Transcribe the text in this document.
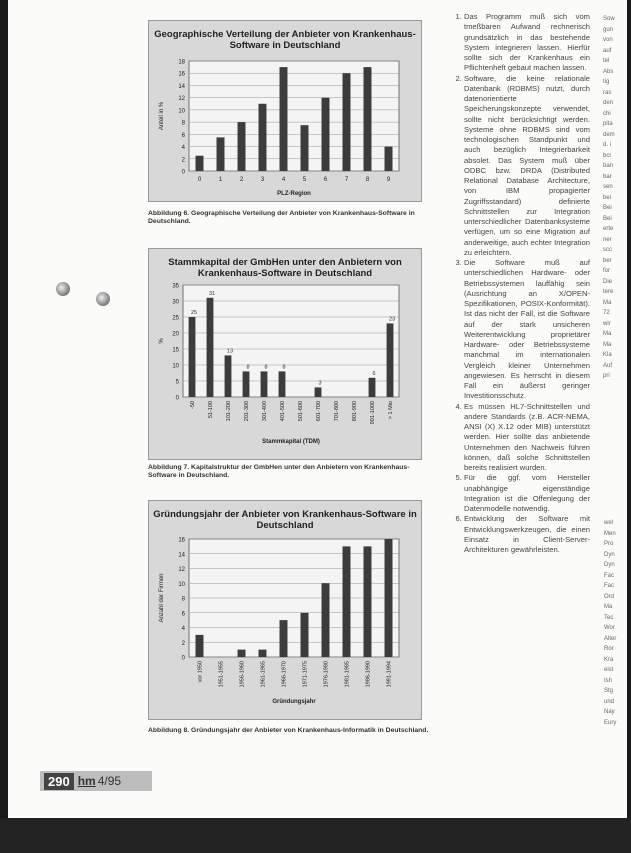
Geographische Verteilung der Anbieter von Krankenhaus-Software in Deutschland
0
2
4
6
8
10
12
14
16
18
0	1	2	3	4	5	6	7	8	9
PLZ-Region
Anteil in %
Abbildung 6. Geographische Verteilung der Anbieter von Krankenhaus-Software in Deutschland.
Stammkapital der GmbHen unter den Anbietern von Krankenhaus-Software in Deutschland
0
5
10
15
20
25
30
35
25
-50
31
51-100
13
101-200
8
201-300
8
301-400
8
401-500 501-600
3
601-700 701-800 801-900
6
901-1000
23
> 1 Mio
Stammkapital (TDM)
%
Abbildung 7. Kapitalstruktur der GmbHen unter den Anbietern von Krankenhaus-Software in Deutschland.
Gründungsjahr der Anbieter von Krankenhaus-Software in Deutschland
0
2
4
6
8
10
12
14
16
vor 1950	1951-1955	1956-1960	1961-1965	1966-1970	1971-1975	1976-1980	1981-1985	1986-1990	1991-1994
Gründungsjahr
Anzahl der Firmen
Abbildung 8. Gründungsjahr der Anbieter von Krankenhaus-Informatik in Deutschland.
1. Das Programm muß sich vom tmeßbaren Aufwand rechnerisch grundsätzlich in das bestehende System integrieren lassen. Hierfür sollte sich der Krankenhaus ein Pflichtenheft gebaut machen lassen.
2. Software, die keine relationale Datenbank (RDBMS) nutzt, durch datenorientierte Speicherungskonzepte verwendet, sollte nicht berücksichtigt werden. Systeme ohne RDBMS sind vom technologischen Standpunkt und auch bezüglich Integrierbarkeit absolet. Das System muß über ODBC bzw. DRDA (Distributed Relational Database Architecture, von IBM propagierter Zugriffsstandard) definierte Schnittstellen zur Integration unterschiedlicher Datenbanksysteme verfügen, um so eine Migration auf anderweitige, auch echter Integration zu erleichtern.
3. Die Software muß auf unterschiedlichen Hardware- oder Betriebssystemen lauffähig sein (Ausrichtung an X/OPEN-Spezifikationen, POSIX-Konformität). Ist das nicht der Fall, ist die Software auf der stark unsicheren Weiterentwicklung proprietärer Hardware- oder Betriebssysteme manchmal im internationalen Vergleich kleiner Unternehmen angewiesen. Es herrscht in diesem Fall ein äußerst geringer Investitionsschutz.
4. Es müssen HL7-Schnittstellen und andere Standards (z.B. ACR-NEMA, ANSI (X) X.12 oder MIB) unterstützt werden. Hier sollte das anbietende Unternehmen den Nachweis führen können, daß solche Schnittstellen bereits realisiert wurden.
5. Für die ggf. vom Hersteller unabhängige eigenständige Integration ist die Offenlegung der Datenmodelle notwendig.
6. Entwicklung der Software mit Entwicklungswerkzeugen, die einen Einsatz in Client-Server-Architekturen gewährleisten.
Sow
gun
von
auf
tel
Abs
tig
ras
den
chi
pita
dem
d. i
bcr
ban
bar
sen
bei
Bei
Bei
erte
ner
scc
ber
for
Die
tere
Ma
72
wir
Ma
Ma
Kla
Auf
pri
wel
Men
Pro
Dyn
Dyn
Fac
Fac
Ord
Ma
Tec
Wor
Alter
Ror
Kra
eist
Ish
Stg
und
Nay
Eury
290 hm 4/95
